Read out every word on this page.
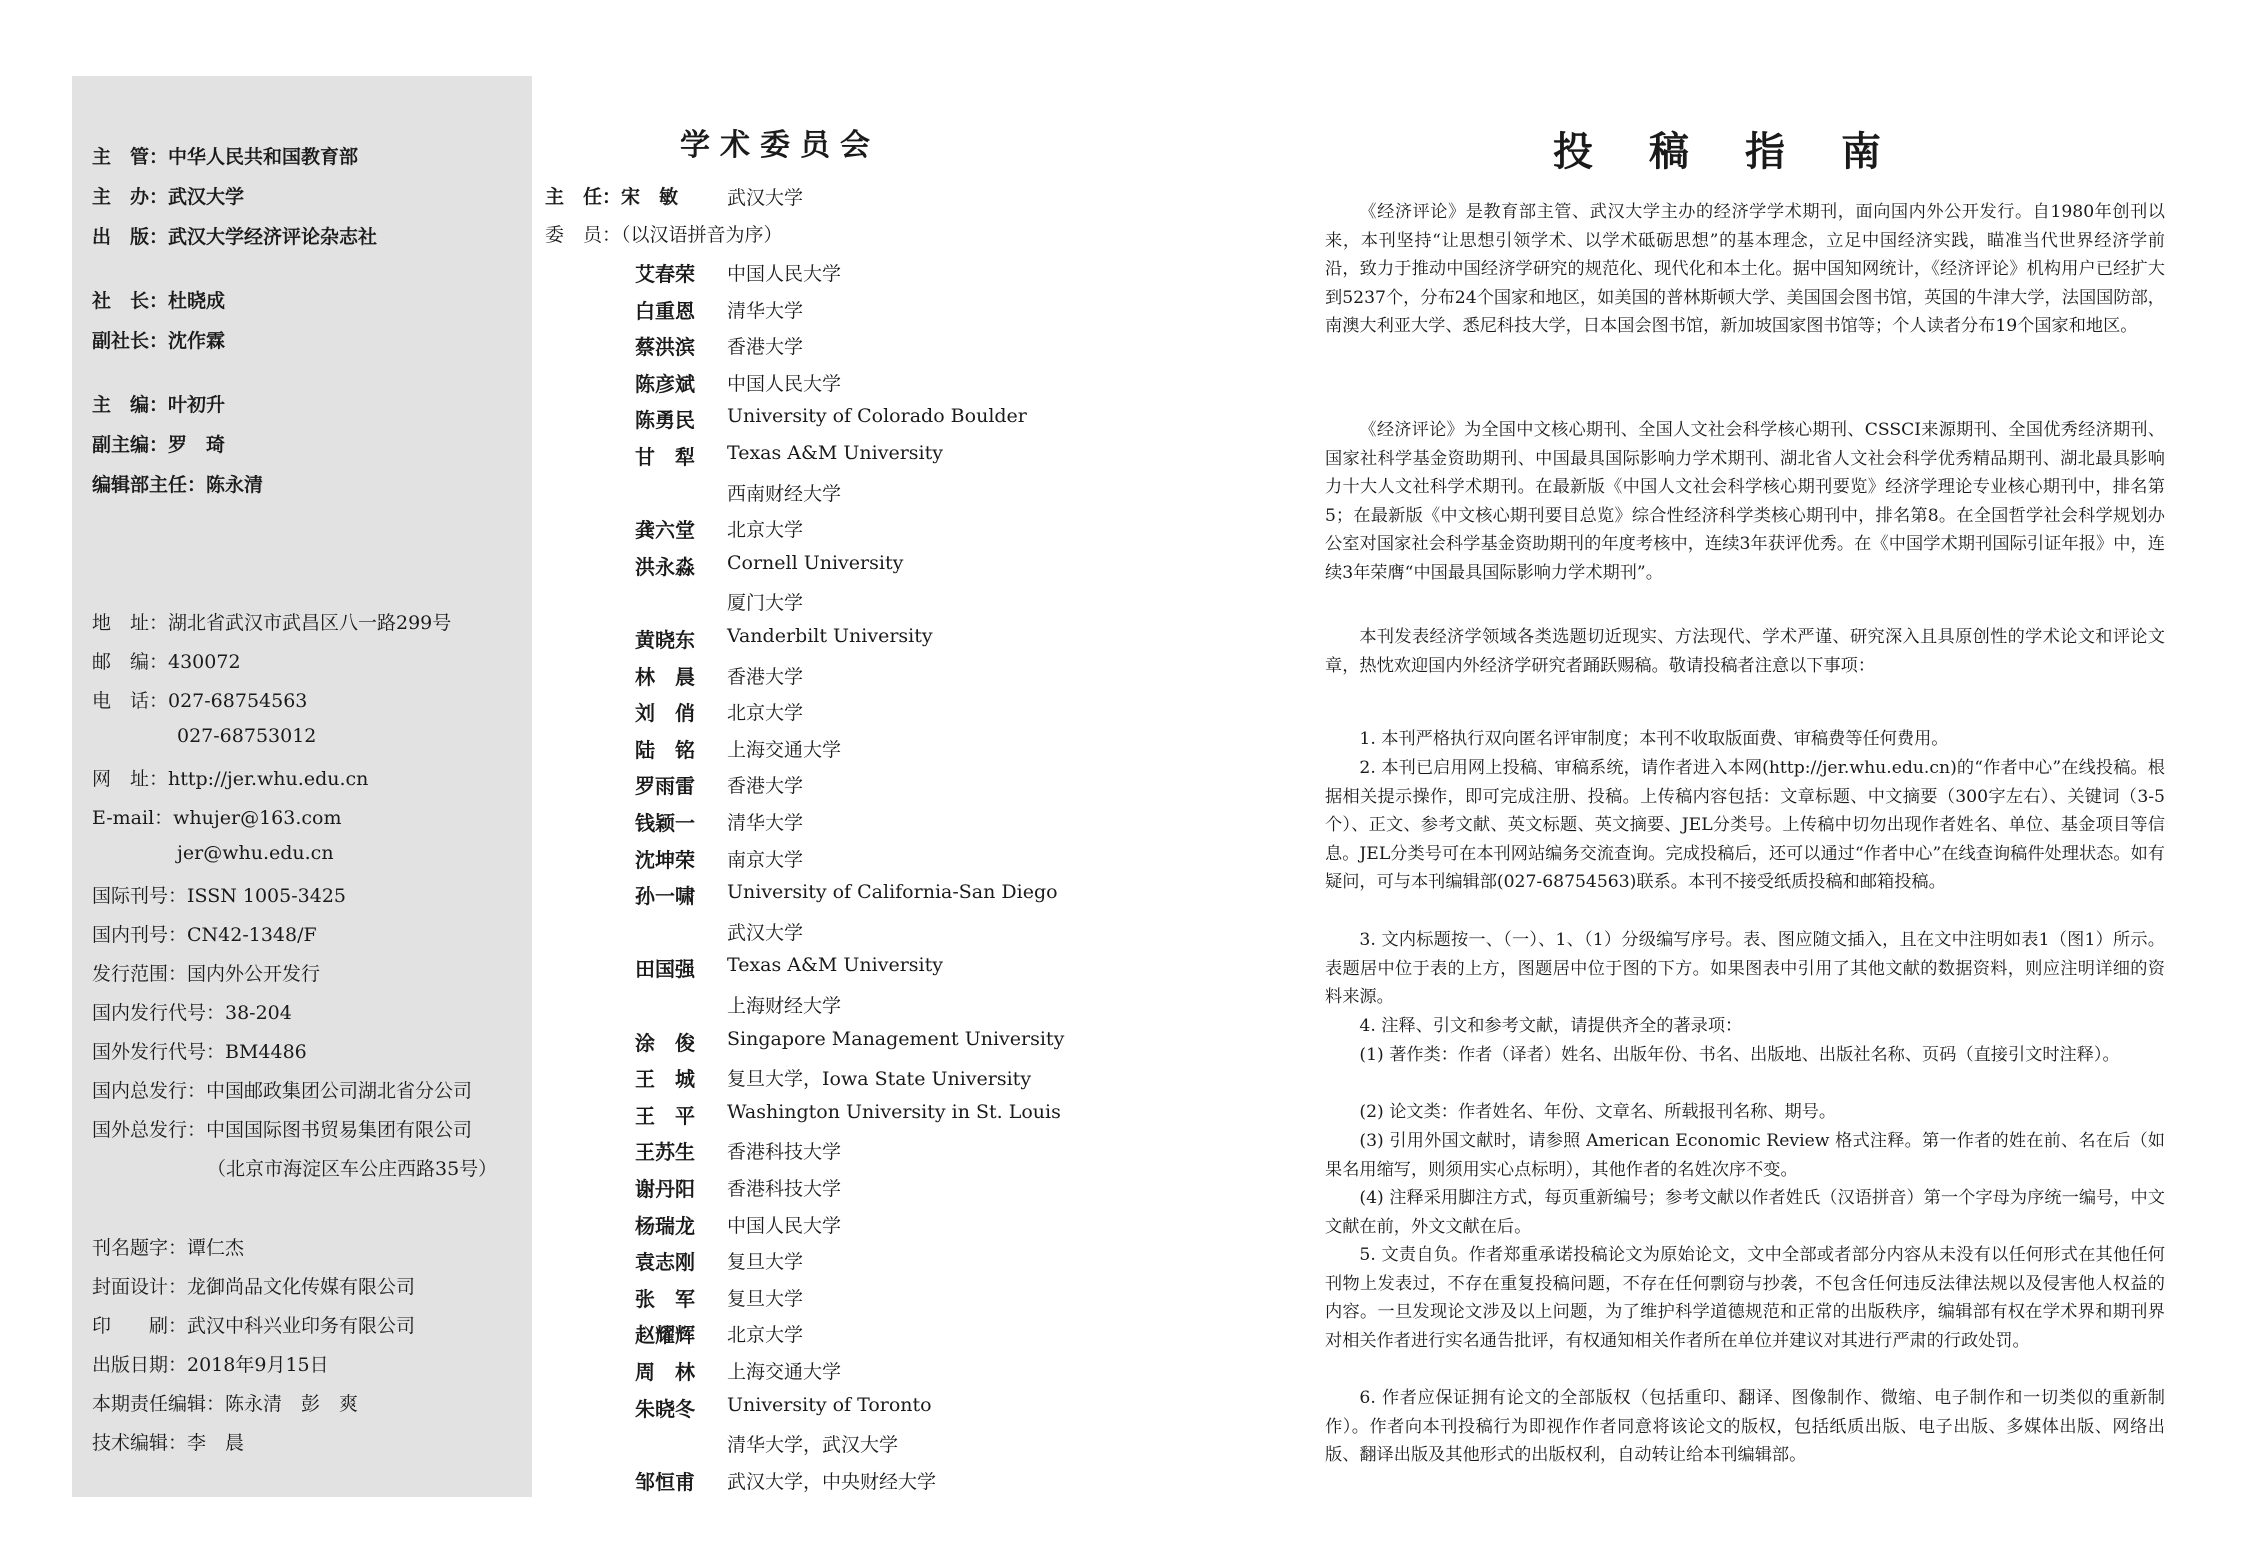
主　管：中华人民共和国教育部
主　办：武汉大学
出　版：武汉大学经济评论杂志社
社　长：杜晓成
副社长：沈作霖
主　编：叶初升
副主编：罗　琦
编辑部主任：陈永清
地　址：湖北省武汉市武昌区八一路299号
邮　编：430072
电　话：027-68754563
027-68753012
网　址：http://jer.whu.edu.cn
E-mail：whujer@163.com
jer@whu.edu.cn
国际刊号：ISSN 1005-3425
国内刊号：CN42-1348/F
发行范围：国内外公开发行
国内发行代号：38-204
国外发行代号：BM4486
国内总发行：中国邮政集团公司湖北省分公司
国外总发行：中国国际图书贸易集团有限公司
（北京市海淀区车公庄西路35号）
刊名题字：谭仁杰
封面设计：龙御尚品文化传媒有限公司
印　　刷：武汉中科兴业印务有限公司
出版日期：2018年9月15日
本期责任编辑：陈永清　彭　爽
技术编辑：李　晨
学术委员会
主　任：宋　敏	武汉大学
委　员：（以汉语拼音为序）
艾春荣	中国人民大学
白重恩	清华大学
蔡洪滨	香港大学
陈彦斌	中国人民大学
陈勇民	University of Colorado Boulder
甘　犁	Texas A&M University
西南财经大学
龚六堂	北京大学
洪永淼	Cornell University
厦门大学
黄晓东	Vanderbilt University
林　晨	香港大学
刘　俏	北京大学
陆　铭	上海交通大学
罗雨雷	香港大学
钱颖一	清华大学
沈坤荣	南京大学
孙一啸	University of California-San Diego
武汉大学
田国强	Texas A&M University
上海财经大学
涂　俊	Singapore Management University
王　城	复旦大学，Iowa State University
王　平	Washington University in St. Louis
王苏生	香港科技大学
谢丹阳	香港科技大学
杨瑞龙	中国人民大学
袁志刚	复旦大学
张　军	复旦大学
赵耀辉	北京大学
周　林	上海交通大学
朱晓冬	University of Toronto
清华大学，武汉大学
邹恒甫	武汉大学，中央财经大学
投稿指南

《经济评论》是教育部主管、武汉大学主办的经济学学术期刊，面向国内外公开发行。自1980年创刊以来，本刊坚持“让思想引领学术、以学术砥砺思想”的基本理念，立足中国经济实践，瞄准当代世界经济学前沿，致力于推动中国经济学研究的规范化、现代化和本土化。据中国知网统计，《经济评论》机构用户已经扩大到5237个，分布24个国家和地区，如美国的普林斯顿大学、美国国会图书馆，英国的牛津大学，法国国防部，南澳大利亚大学、悉尼科技大学，日本国会图书馆，新加坡国家图书馆等；个人读者分布19个国家和地区。

《经济评论》为全国中文核心期刊、全国人文社会科学核心期刊、CSSCI来源期刊、全国优秀经济期刊、国家社科学基金资助期刊、中国最具国际影响力学术期刊、湖北省人文社会科学优秀精品期刊、湖北最具影响力十大人文社科学术期刊。在最新版《中国人文社会科学核心期刊要览》经济学理论专业核心期刊中，排名第5；在最新版《中文核心期刊要目总览》综合性经济科学类核心期刊中，排名第8。在全国哲学社会科学规划办公室对国家社会科学基金资助期刊的年度考核中，连续3年获评优秀。在《中国学术期刊国际引证年报》中，连续3年荣膺“中国最具国际影响力学术期刊”。

本刊发表经济学领域各类选题切近现实、方法现代、学术严谨、研究深入且具原创性的学术论文和评论文章，热忱欢迎国内外经济学研究者踊跃赐稿。敬请投稿者注意以下事项：

1. 本刊严格执行双向匿名评审制度；本刊不收取版面费、审稿费等任何费用。

2. 本刊已启用网上投稿、审稿系统，请作者进入本网(http://jer.whu.edu.cn)的“作者中心”在线投稿。根据相关提示操作，即可完成注册、投稿。上传稿内容包括：文章标题、中文摘要（300字左右）、关键词（3-5个）、正文、参考文献、英文标题、英文摘要、JEL分类号。上传稿中切勿出现作者姓名、单位、基金项目等信息。JEL分类号可在本刊网站编务交流查询。完成投稿后，还可以通过“作者中心”在线查询稿件处理状态。如有疑问，可与本刊编辑部(027-68754563)联系。本刊不接受纸质投稿和邮箱投稿。

3. 文内标题按一、（一）、1、（1）分级编写序号。表、图应随文插入，且在文中注明如表1（图1）所示。表题居中位于表的上方，图题居中位于图的下方。如果图表中引用了其他文献的数据资料，则应注明详细的资料来源。

4. 注释、引文和参考文献，请提供齐全的著录项：

(1) 著作类：作者（译者）姓名、出版年份、书名、出版地、出版社名称、页码（直接引文时注释）。

(2) 论文类：作者姓名、年份、文章名、所载报刊名称、期号。

(3) 引用外国文献时，请参照 American Economic Review 格式注释。第一作者的姓在前、名在后（如果名用缩写，则须用实心点标明），其他作者的名姓次序不变。

(4) 注释采用脚注方式，每页重新编号；参考文献以作者姓氏（汉语拼音）第一个字母为序统一编号，中文文献在前，外文文献在后。

5. 文责自负。作者郑重承诺投稿论文为原始论文，文中全部或者部分内容从未没有以任何形式在其他任何刊物上发表过，不存在重复投稿问题，不存在任何剽窃与抄袭，不包含任何违反法律法规以及侵害他人权益的内容。一旦发现论文涉及以上问题，为了维护科学道德规范和正常的出版秩序，编辑部有权在学术界和期刊界对相关作者进行实名通告批评，有权通知相关作者所在单位并建议对其进行严肃的行政处罚。

6. 作者应保证拥有论文的全部版权（包括重印、翻译、图像制作、微缩、电子制作和一切类似的重新制作）。作者向本刊投稿行为即视作作者同意将该论文的版权，包括纸质出版、电子出版、多媒体出版、网络出版、翻译出版及其他形式的出版权利，自动转让给本刊编辑部。
